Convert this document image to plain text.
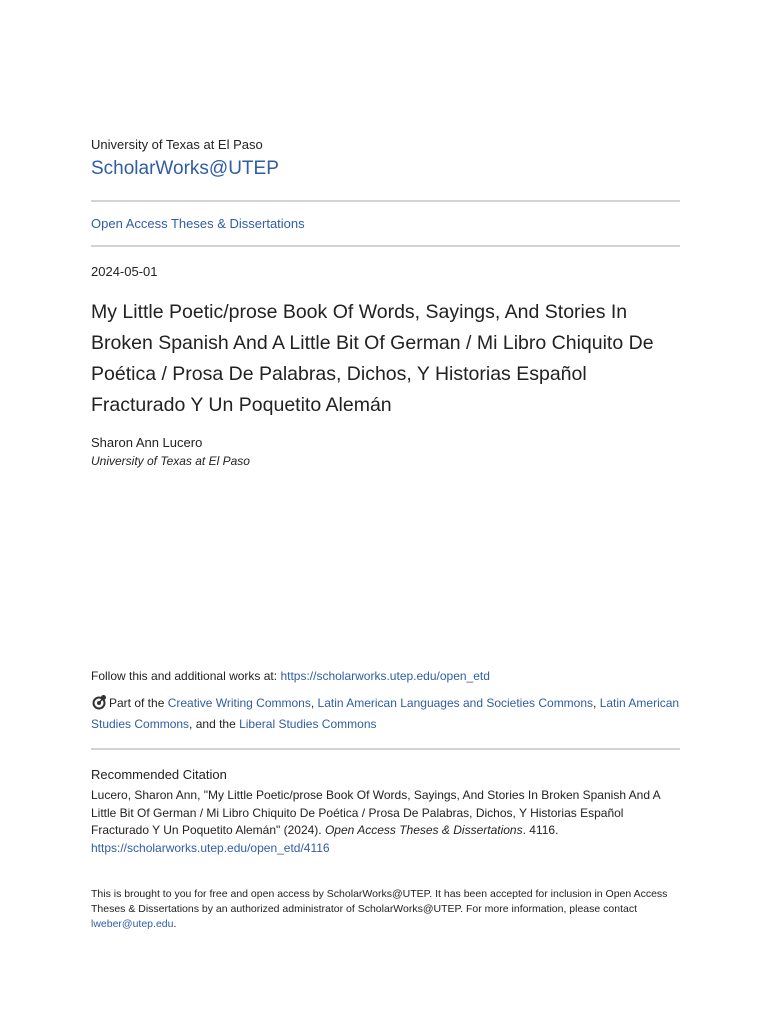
University of Texas at El Paso
ScholarWorks@UTEP
Open Access Theses & Dissertations
2024-05-01
My Little Poetic/prose Book Of Words, Sayings, And Stories In Broken Spanish And A Little Bit Of German / Mi Libro Chiquito De Poética / Prosa De Palabras, Dichos, Y Historias Español Fracturado Y Un Poquetito Alemán
Sharon Ann Lucero
University of Texas at El Paso
Follow this and additional works at: https://scholarworks.utep.edu/open_etd
Part of the Creative Writing Commons, Latin American Languages and Societies Commons, Latin American Studies Commons, and the Liberal Studies Commons
Recommended Citation
Lucero, Sharon Ann, "My Little Poetic/prose Book Of Words, Sayings, And Stories In Broken Spanish And A Little Bit Of German / Mi Libro Chiquito De Poética / Prosa De Palabras, Dichos, Y Historias Español Fracturado Y Un Poquetito Alemán" (2024). Open Access Theses & Dissertations. 4116.
https://scholarworks.utep.edu/open_etd/4116
This is brought to you for free and open access by ScholarWorks@UTEP. It has been accepted for inclusion in Open Access Theses & Dissertations by an authorized administrator of ScholarWorks@UTEP. For more information, please contact lweber@utep.edu.
